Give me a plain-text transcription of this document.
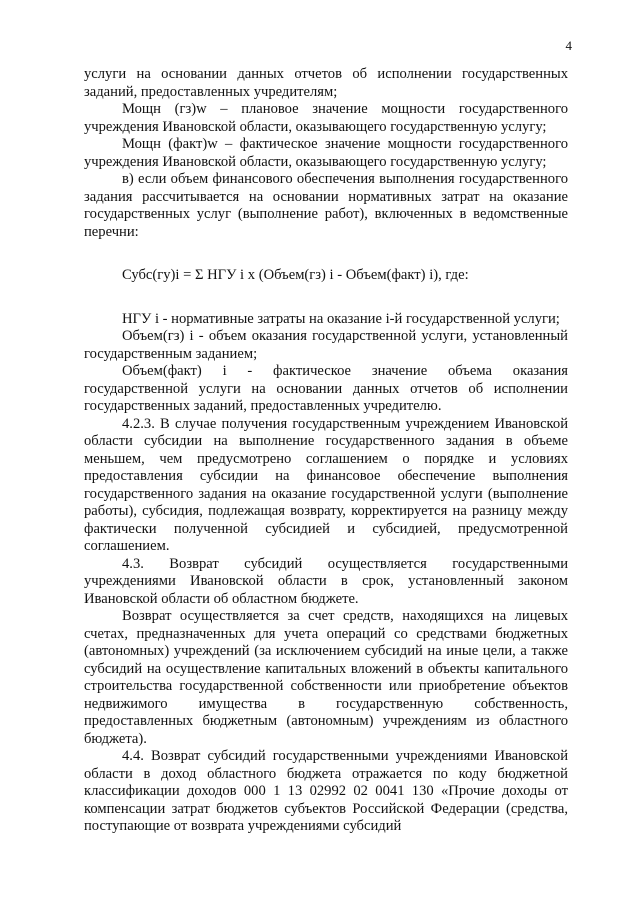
4

услуги на основании данных отчетов об исполнении государственных заданий, предоставленных учредителям;

Мощн (гз)w – плановое значение мощности государственного учреждения Ивановской области, оказывающего государственную услугу;

Мощн (факт)w – фактическое значение мощности государственного учреждения Ивановской области, оказывающего государственную услугу;

в) если объем финансового обеспечения выполнения государственного задания рассчитывается на основании нормативных затрат на оказание государственных услуг (выполнение работ), включенных в ведомственные перечни:

Субс(гу)i = Σ НГУ i х (Объем(гз) i - Объем(факт) i), где:

НГУ i - нормативные затраты на оказание i-й государственной услуги;

Объем(гз) i - объем оказания государственной услуги, установленный государственным заданием;

Объем(факт) i - фактическое значение объема оказания государственной услуги на основании данных отчетов об исполнении государственных заданий, предоставленных учредителю.

4.2.3. В случае получения государственным учреждением Ивановской области субсидии на выполнение государственного задания в объеме меньшем, чем предусмотрено соглашением о порядке и условиях предоставления субсидии на финансовое обеспечение выполнения государственного задания на оказание государственной услуги (выполнение работы), субсидия, подлежащая возврату, корректируется на разницу между фактически полученной субсидией и субсидией, предусмотренной соглашением.

4.3. Возврат субсидий осуществляется государственными учреждениями Ивановской области в срок, установленный законом Ивановской области об областном бюджете.

Возврат осуществляется за счет средств, находящихся на лицевых счетах, предназначенных для учета операций со средствами бюджетных (автономных) учреждений (за исключением субсидий на иные цели, а также субсидий на осуществление капитальных вложений в объекты капитального строительства государственной собственности или приобретение объектов недвижимого имущества в государственную собственность, предоставленных бюджетным (автономным) учреждениям из областного бюджета).

4.4. Возврат субсидий государственными учреждениями Ивановской области в доход областного бюджета отражается по коду бюджетной классификации доходов 000 1 13 02992 02 0041 130 «Прочие доходы от компенсации затрат бюджетов субъектов Российской Федерации (средства, поступающие от возврата учреждениями субсидий
